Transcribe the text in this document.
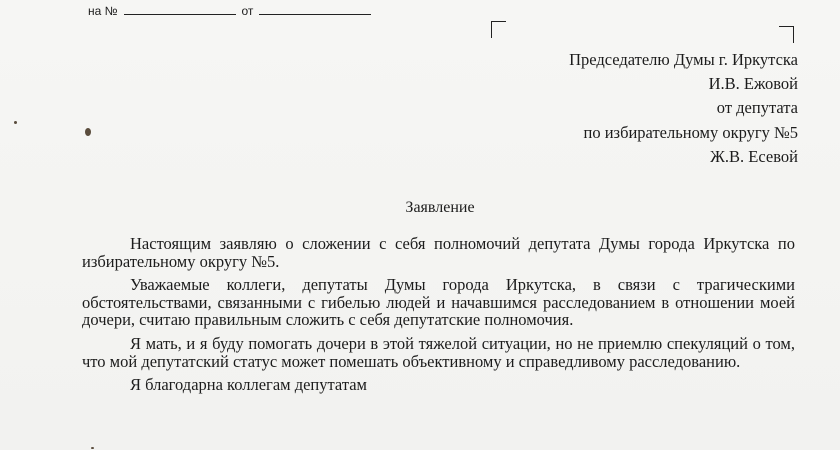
на №	от
Председателю Думы г. Иркутска
И.В. Ежовой
от депутата
по избирательному округу №5
Ж.В. Есевой
Заявление

Настоящим заявляю о сложении с себя полномочий депутата Думы города Иркутска по избирательному округу №5.

Уважаемые коллеги, депутаты Думы города Иркутска, в связи с трагическими обстоятельствами, связанными с гибелью людей и начавшимся расследованием в отношении моей дочери, считаю правильным сложить с себя депутатские полномочия.

Я мать, и я буду помогать дочери в этой тяжелой ситуации, но не приемлю спекуляций о том, что мой депутатский статус может помешать объективному и справедливому расследованию.

Я благодарна коллегам депутатам
